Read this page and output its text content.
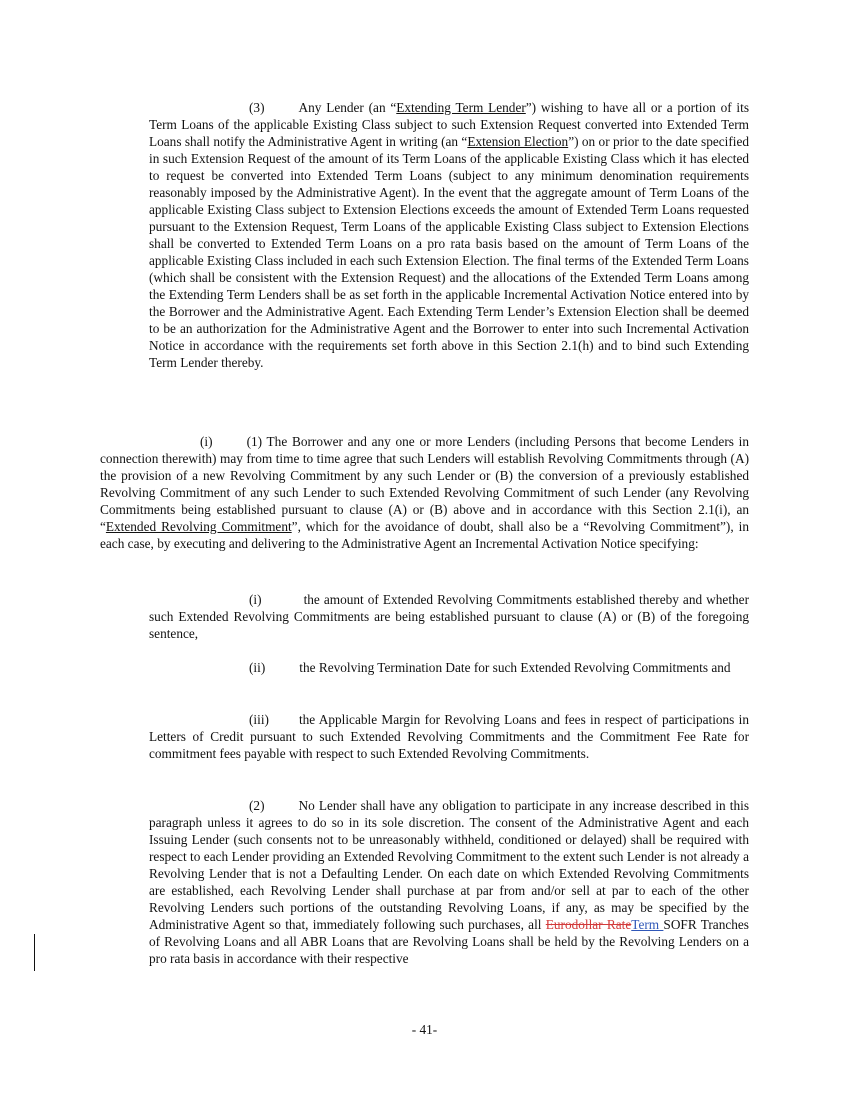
(3)	Any Lender (an “Extending Term Lender”) wishing to have all or a portion of its Term Loans of the applicable Existing Class subject to such Extension Request converted into Extended Term Loans shall notify the Administrative Agent in writing (an “Extension Election”) on or prior to the date specified in such Extension Request of the amount of its Term Loans of the applicable Existing Class which it has elected to request be converted into Extended Term Loans (subject to any minimum denomination requirements reasonably imposed by the Administrative Agent). In the event that the aggregate amount of Term Loans of the applicable Existing Class subject to Extension Elections exceeds the amount of Extended Term Loans requested pursuant to the Extension Request, Term Loans of the applicable Existing Class subject to Extension Elections shall be converted to Extended Term Loans on a pro rata basis based on the amount of Term Loans of the applicable Existing Class included in each such Extension Election. The final terms of the Extended Term Loans (which shall be consistent with the Extension Request) and the allocations of the Extended Term Loans among the Extending Term Lenders shall be as set forth in the applicable Incremental Activation Notice entered into by the Borrower and the Administrative Agent. Each Extending Term Lender’s Extension Election shall be deemed to be an authorization for the Administrative Agent and the Borrower to enter into such Incremental Activation Notice in accordance with the requirements set forth above in this Section 2.1(h) and to bind such Extending Term Lender thereby.

(i)	(1) The Borrower and any one or more Lenders (including Persons that become Lenders in connection therewith) may from time to time agree that such Lenders will establish Revolving Commitments through (A) the provision of a new Revolving Commitment by any such Lender or (B) the conversion of a previously established Revolving Commitment of any such Lender to such Extended Revolving Commitment of such Lender (any Revolving Commitments being established pursuant to clause (A) or (B) above and in accordance with this Section 2.1(i), an “Extended Revolving Commitment”, which for the avoidance of doubt, shall also be a “Revolving Commitment”), in each case, by executing and delivering to the Administrative Agent an Incremental Activation Notice specifying:

(i)	the amount of Extended Revolving Commitments established thereby and whether such Extended Revolving Commitments are being established pursuant to clause (A) or (B) of the foregoing sentence,

(ii)	the Revolving Termination Date for such Extended Revolving Commitments and

(iii) the Applicable Margin for Revolving Loans and fees in respect of participations in Letters of Credit pursuant to such Extended Revolving Commitments and the Commitment Fee Rate for commitment fees payable with respect to such Extended Revolving Commitments.

(2)	No Lender shall have any obligation to participate in any increase described in this paragraph unless it agrees to do so in its sole discretion. The consent of the Administrative Agent and each Issuing Lender (such consents not to be unreasonably withheld, conditioned or delayed) shall be required with respect to each Lender providing an Extended Revolving Commitment to the extent such Lender is not already a Revolving Lender that is not a Defaulting Lender. On each date on which Extended Revolving Commitments are established, each Revolving Lender shall purchase at par from and/or sell at par to each of the other Revolving Lenders such portions of the outstanding Revolving Loans, if any, as may be specified by the Administrative Agent so that, immediately following such purchases, all Eurodollar RateTerm SOFR Tranches of Revolving Loans and all ABR Loans that are Revolving Loans shall be held by the Revolving Lenders on a pro rata basis in accordance with their respective

- 41-
